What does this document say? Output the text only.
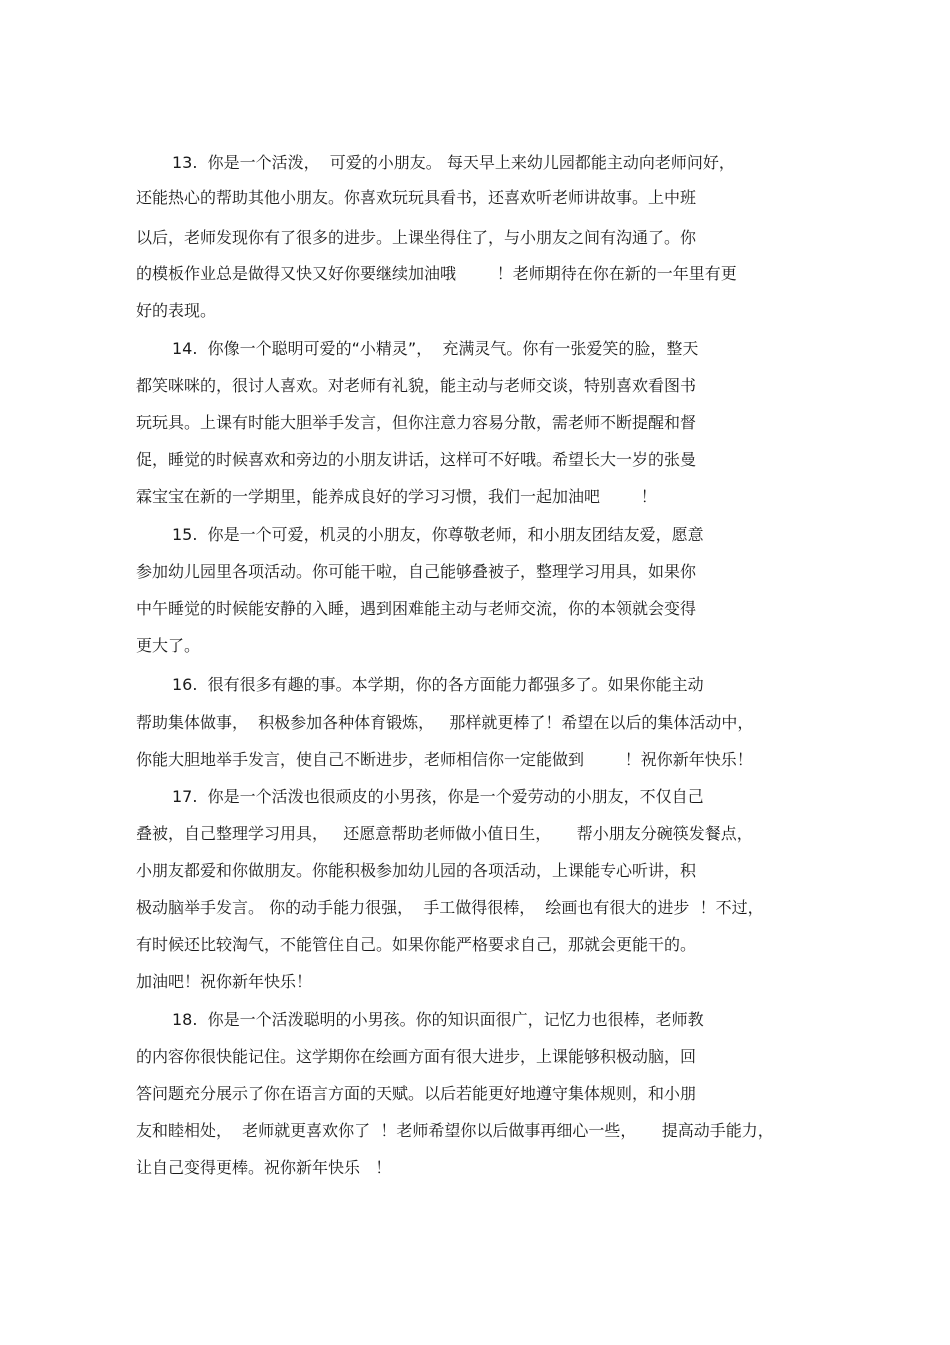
13.  你是一个活泼，  可爱的小朋友。 每天早上来幼儿园都能主动向老师问好，
还能热心的帮助其他小朋友。你喜欢玩玩具看书，还喜欢听老师讲故事。上中班
以后，老师发现你有了很多的进步。上课坐得住了，与小朋友之间有沟通了。你
的模板作业总是做得又快又好你要继续加油哦        ！老师期待在你在新的一年里有更
好的表现。
14.  你像一个聪明可爱的“小精灵”，  充满灵气。你有一张爱笑的脸，整天
都笑咪咪的，很讨人喜欢。对老师有礼貌，能主动与老师交谈，特别喜欢看图书
玩玩具。上课有时能大胆举手发言，但你注意力容易分散，需老师不断提醒和督
促，睡觉的时候喜欢和旁边的小朋友讲话，这样可不好哦。希望长大一岁的张曼
霖宝宝在新的一学期里，能养成良好的学习习惯，我们一起加油吧        ！
15.  你是一个可爱，机灵的小朋友，你尊敬老师，和小朋友团结友爱，愿意
参加幼儿园里各项活动。你可能干啦，自己能够叠被子，整理学习用具，如果你
中午睡觉的时候能安静的入睡，遇到困难能主动与老师交流，你的本领就会变得
更大了。
16.  很有很多有趣的事。本学期，你的各方面能力都强多了。如果你能主动
帮助集体做事，  积极参加各种体育锻炼，   那样就更棒了！希望在以后的集体活动中，
你能大胆地举手发言，使自己不断进步，老师相信你一定能做到        ！祝你新年快乐！
17.  你是一个活泼也很顽皮的小男孩，你是一个爱劳动的小朋友，不仅自己
叠被，自己整理学习用具，   还愿意帮助老师做小值日生，     帮小朋友分碗筷发餐点，
小朋友都爱和你做朋友。你能积极参加幼儿园的各项活动，上课能专心听讲，积
极动脑举手发言。 你的动手能力很强，  手工做得很棒，  绘画也有很大的进步  ！不过，
有时候还比较淘气，不能管住自己。如果你能严格要求自己，那就会更能干的。
加油吧！祝你新年快乐！
18.  你是一个活泼聪明的小男孩。你的知识面很广，记忆力也很棒，老师教
的内容你很快能记住。这学期你在绘画方面有很大进步，上课能够积极动脑，回
答问题充分展示了你在语言方面的天赋。以后若能更好地遵守集体规则，和小朋
友和睦相处，  老师就更喜欢你了  ！老师希望你以后做事再细心一些，     提高动手能力，
让自己变得更棒。祝你新年快乐   ！
